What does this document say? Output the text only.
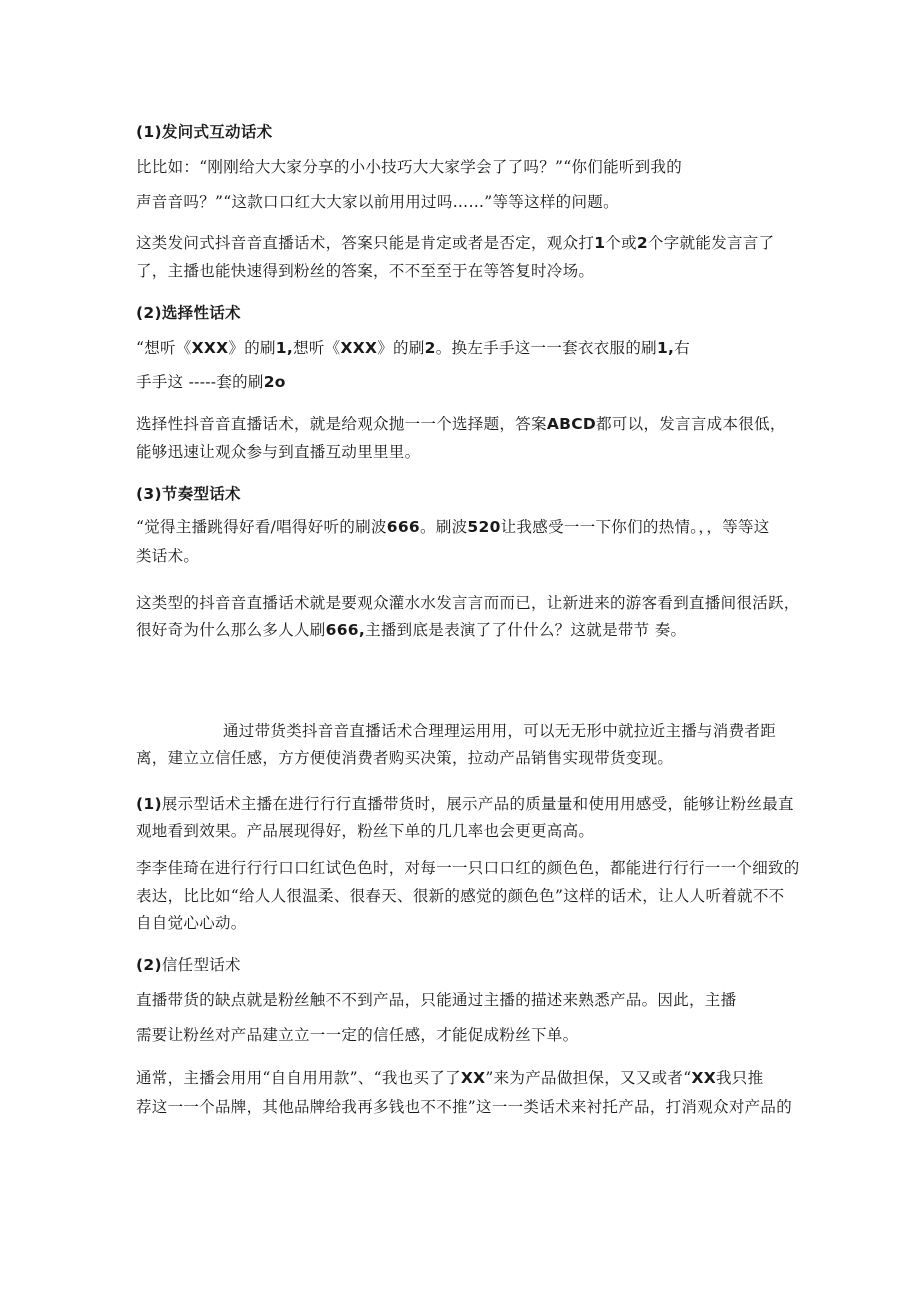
(1)发问式互动话术
比比如：“刚刚给大大家分享的小小技巧大大家学会了了吗？”“你们能听到我的
声音音吗？”“这款口口红大大家以前用用过吗……”等等这样的问题。
这类发问式抖音音直播话术，答案只能是肯定或者是否定，观众打1个或2个字就能发言言了
了，主播也能快速得到粉丝的答案，不不至至于在等答复时冷场。
(2)选择性话术
“想听《XXX》的刷1,想听《XXX》的刷2。换左手手这一一套衣衣服的刷1,右
手手这 -----套的刷2o
选择性抖音音直播话术，就是给观众抛一一个选择题，答案ABCD都可以，发言言成本很低，
能够迅速让观众参与到直播互动里里里。
(3)节奏型话术
“觉得主播跳得好看/唱得好听的刷波666。刷波520让我感受一一下你们的热情。，，等等这
类话术。
这类型的抖音音直播话术就是要观众灌水水发言言而而已，让新进来的游客看到直播间很活跃，
很好奇为什么那么多人人刷666,主播到底是表演了了什什么？这就是带节 奏。
通过带货类抖音音直播话术合理理运用用，可以无无形中就拉近主播与消费者距
离，建立立信任感，方方便使消费者购买决策，拉动产品销售实现带货变现。
(1)展示型话术主播在进行行行直播带货时，展示产品的质量量和使用用感受，能够让粉丝最直
观地看到效果。产品展现得好，粉丝下单的几几率也会更更高高。
李李佳琦在进行行行口口红试色色时，对每一一只口口红的颜色色，都能进行行行一一个细致的
表达，比比如“给人人很温柔、很春天、很新的感觉的颜色色”这样的话术，让人人听着就不不
自自觉心心动。
(2)信任型话术
直播带货的缺点就是粉丝触不不到产品，只能通过主播的描述来熟悉产品。因此，主播
需要让粉丝对产品建立立一一定的信任感，才能促成粉丝下单。
通常，主播会用用“自自用用款”、“我也买了了XX”来为产品做担保，又又或者“XX我只推
荐这一一个品牌，其他品牌给我再多钱也不不推”这一一类话术来衬托产品，打消观众对产品的
